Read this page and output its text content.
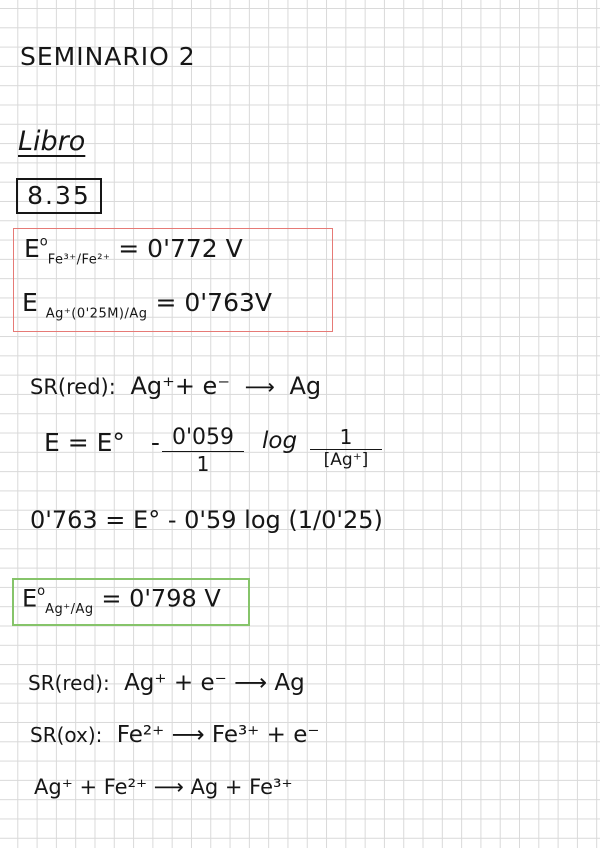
SEMINARIO 2
Libro
8.35
$E^o_{Fe^{3+}/Fe^{2+}} = 0'772$ V
E $_{Ag^+(0'25M)/Ag}$ = 0'763V
SR(red): Ag⁺+ e⁻ ⟶ Ag
$E = E^\circ - \frac{0'059}{1}$ $\log \frac{1}{[Ag^+]}$
0'763 = E° - 0'59 log (1/0'25)
$E^o_{Ag^+/Ag} = 0'798$ V
SR(red): Ag⁺ + e⁻ ⟶ Ag
SR(ox): Fe²⁺ ⟶ Fe³⁺ + e⁻
Ag⁺ + Fe²⁺ ⟶ Ag + Fe³⁺
